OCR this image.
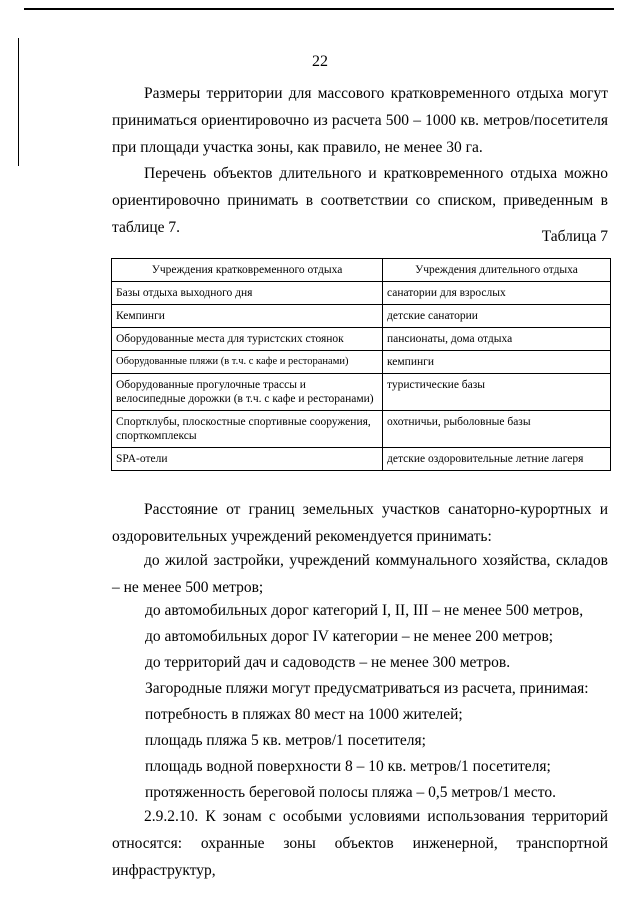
22
Размеры территории для массового кратковременного отдыха могут приниматься ориентировочно из расчета 500 – 1000 кв. метров/посетителя при площади участка зоны, как правило, не менее 30 га.
Перечень объектов длительного и кратковременного отдыха можно ориентировочно принимать в соответствии со списком, приведенным в таблице 7.
Таблица 7
Учреждения кратковременного отдыха	Учреждения длительного отдыха
Базы отдыха выходного дня	санатории для взрослых
Кемпинги	детские санатории
Оборудованные места для туристских стоянок	пансионаты, дома отдыха
Оборудованные пляжи (в т.ч. с кафе и ресторанами)	кемпинги
Оборудованные прогулочные трассы и велосипедные дорожки (в т.ч. с кафе и ресторанами)	туристические базы
Спортклубы, плоскостные спортивные сооружения, спорткомплексы	охотничьи, рыболовные базы
SPA-отели	детские оздоровительные летние лагеря
Расстояние от границ земельных участков санаторно-курортных и оздоровительных учреждений рекомендуется принимать:
до жилой застройки, учреждений коммунального хозяйства, складов – не менее 500 метров;
до автомобильных дорог категорий I, II, III – не менее 500 метров,
до автомобильных дорог IV категории – не менее 200 метров;
до территорий дач и садоводств – не менее 300 метров.
Загородные пляжи могут предусматриваться из расчета, принимая:
потребность в пляжах 80 мест на 1000 жителей;
площадь пляжа 5 кв. метров/1 посетителя;
площадь водной поверхности 8 – 10 кв. метров/1 посетителя;
протяженность береговой полосы пляжа – 0,5 метров/1 место.
2.9.2.10. К зонам с особыми условиями использования территорий относятся: охранные зоны объектов инженерной, транспортной инфраструктур,
